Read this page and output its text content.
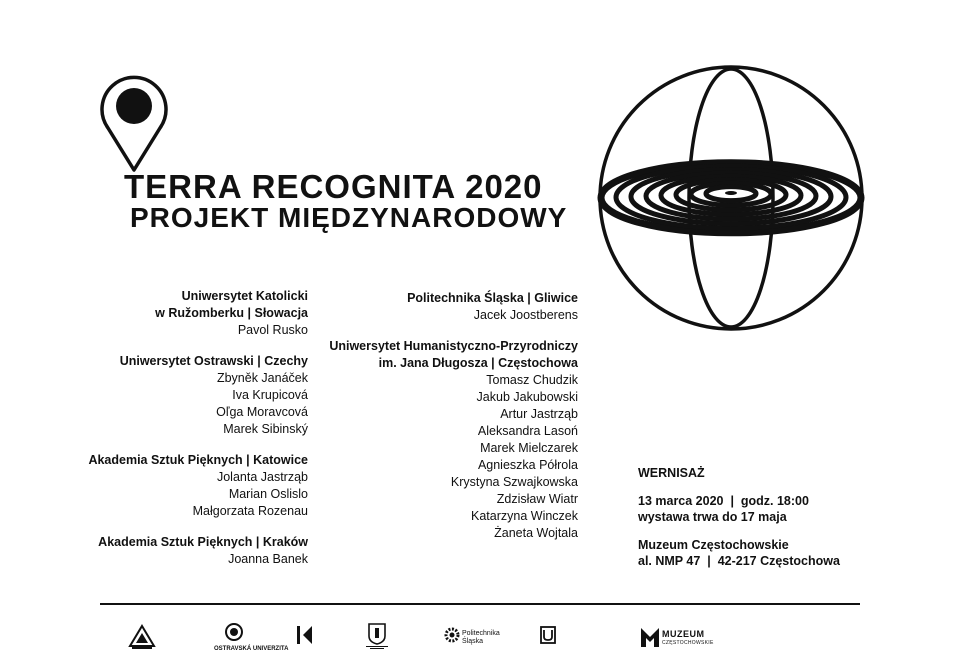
TERRA RECOGNITA 2020
PROJEKT MIĘDZYNARODOWY
Uniwersytet Katolicki
w Ružomberku | Słowacja
Pavol Rusko
Uniwersytet Ostrawski | Czechy
Zbyněk Janáček
Iva Krupicová
Oľga Moravcová
Marek Sibinský
Akademia Sztuk Pięknych | Katowice
Jolanta Jastrząb
Marian Oslislo
Małgorzata Rozenau
Akademia Sztuk Pięknych | Kraków
Joanna Banek
Politechnika Śląska | Gliwice
Jacek Joostberens
Uniwersytet Humanistyczno-Przyrodniczy
im. Jana Długosza | Częstochowa
Tomasz Chudzik
Jakub Jakubowski
Artur Jastrząb
Aleksandra Lasoń
Marek Mielczarek
Agnieszka Półrola
Krystyna Szwajkowska
Zdzisław Wiatr
Katarzyna Winczek
Żaneta Wojtala
WERNISAŻ
13 marca 2020  |  godz. 18:00
wystawa trwa do 17 maja
Muzeum Częstochowskie
al. NMP 47  |  42-217 Częstochowa
OSTRAVSKÁ UNIVERZITA
Politechnika Śląska
MUZEUM
CZĘSTOCHOWSKIE
